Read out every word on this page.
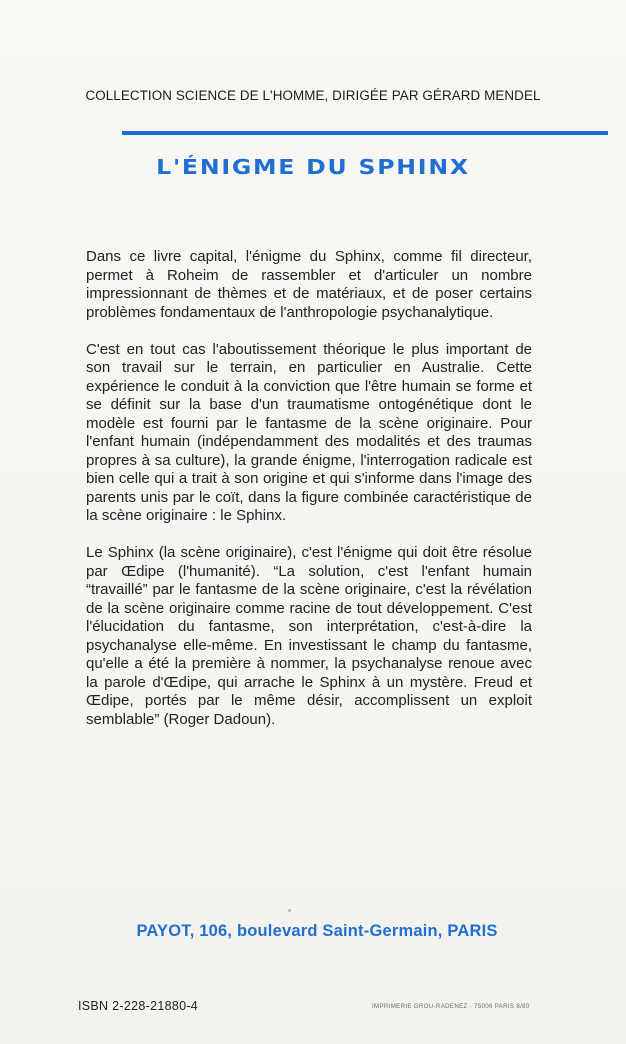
COLLECTION SCIENCE DE L'HOMME, DIRIGÉE PAR GÉRARD MENDEL
L'ÉNIGME DU SPHINX

Dans ce livre capital, l'énigme du Sphinx, comme fil directeur, permet à Roheim de rassembler et d'articuler un nombre impressionnant de thèmes et de matériaux, et de poser certains problèmes fondamentaux de l'anthropologie psychanalytique.

C'est en tout cas l'aboutissement théorique le plus important de son travail sur le terrain, en particulier en Australie. Cette expérience le conduit à la conviction que l'être humain se forme et se définit sur la base d'un traumatisme ontogénétique dont le modèle est fourni par le fantasme de la scène originaire. Pour l'enfant humain (indépendamment des modalités et des traumas propres à sa culture), la grande énigme, l'interrogation radicale est bien celle qui a trait à son origine et qui s'informe dans l'image des parents unis par le coït, dans la figure combinée caractéristique de la scène originaire : le Sphinx.

Le Sphinx (la scène originaire), c'est l'énigme qui doit être résolue par Œdipe (l'humanité). “La solution, c'est l'enfant humain “travaillé” par le fantasme de la scène originaire, c'est la révélation de la scène originaire comme racine de tout développement. C'est l'élucidation du fantasme, son interprétation, c'est-à-dire la psychanalyse elle-même. En investissant le champ du fantasme, qu'elle a été la première à nommer, la psychanalyse renoue avec la parole d'Œdipe, qui arrache le Sphinx à un mystère. Freud et Œdipe, portés par le même désir, accomplissent un exploit semblable” (Roger Dadoun).

PAYOT, 106, boulevard Saint-Germain, PARIS
ISBN 2-228-21880-4	IMPRIMERIE GROU-RADENEZ · 75006 PARIS 8/80
